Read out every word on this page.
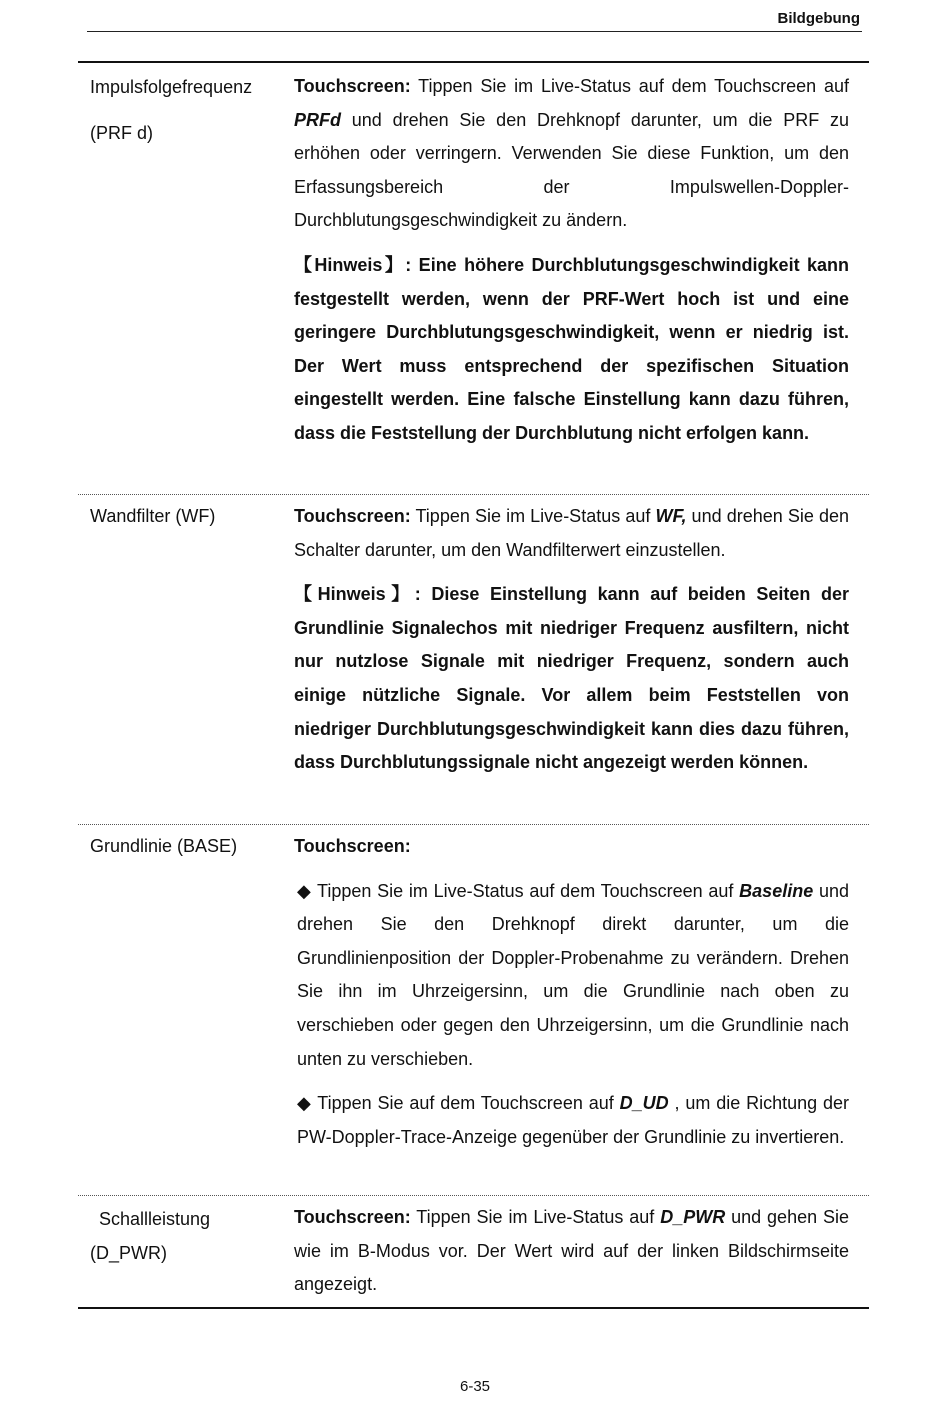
Bildgebung
Impulsfolgefrequenz
(PRF d)

Touchscreen: Tippen Sie im Live-Status auf dem Touchscreen auf PRFd und drehen Sie den Drehknopf darunter, um die PRF zu erhöhen oder verringern. Verwenden Sie diese Funktion, um den Erfassungsbereich der Impulswellen-Doppler-Durchblutungsgeschwindigkeit zu ändern.

【Hinweis】: Eine höhere Durchblutungsgeschwindigkeit kann festgestellt werden, wenn der PRF-Wert hoch ist und eine geringere Durchblutungsgeschwindigkeit, wenn er niedrig ist. Der Wert muss entsprechend der spezifischen Situation eingestellt werden. Eine falsche Einstellung kann dazu führen, dass die Feststellung der Durchblutung nicht erfolgen kann.

Wandfilter (WF)	Touchscreen: Tippen Sie im Live-Status auf WF, und drehen Sie den Schalter darunter, um den Wandfilterwert einzustellen.

【Hinweis】: Diese Einstellung kann auf beiden Seiten der Grundlinie Signalechos mit niedriger Frequenz ausfiltern, nicht nur nutzlose Signale mit niedriger Frequenz, sondern auch einige nützliche Signale. Vor allem beim Feststellen von niedriger Durchblutungsgeschwindigkeit kann dies dazu führen, dass Durchblutungssignale nicht angezeigt werden können.

Grundlinie (BASE)	Touchscreen:

◆ Tippen Sie im Live-Status auf dem Touchscreen auf Baseline und drehen Sie den Drehknopf direkt darunter, um die Grundlinienposition der Doppler-Probenahme zu verändern. Drehen Sie ihn im Uhrzeigersinn, um die Grundlinie nach oben zu verschieben oder gegen den Uhrzeigersinn, um die Grundlinie nach unten zu verschieben.

◆ Tippen Sie auf dem Touchscreen auf D_UD , um die Richtung der PW-Doppler-Trace-Anzeige gegenüber der Grundlinie zu invertieren.

Schallleistung
(D_PWR)

Touchscreen: Tippen Sie im Live-Status auf D_PWR und gehen Sie wie im B-Modus vor. Der Wert wird auf der linken Bildschirmseite angezeigt.

6-35
